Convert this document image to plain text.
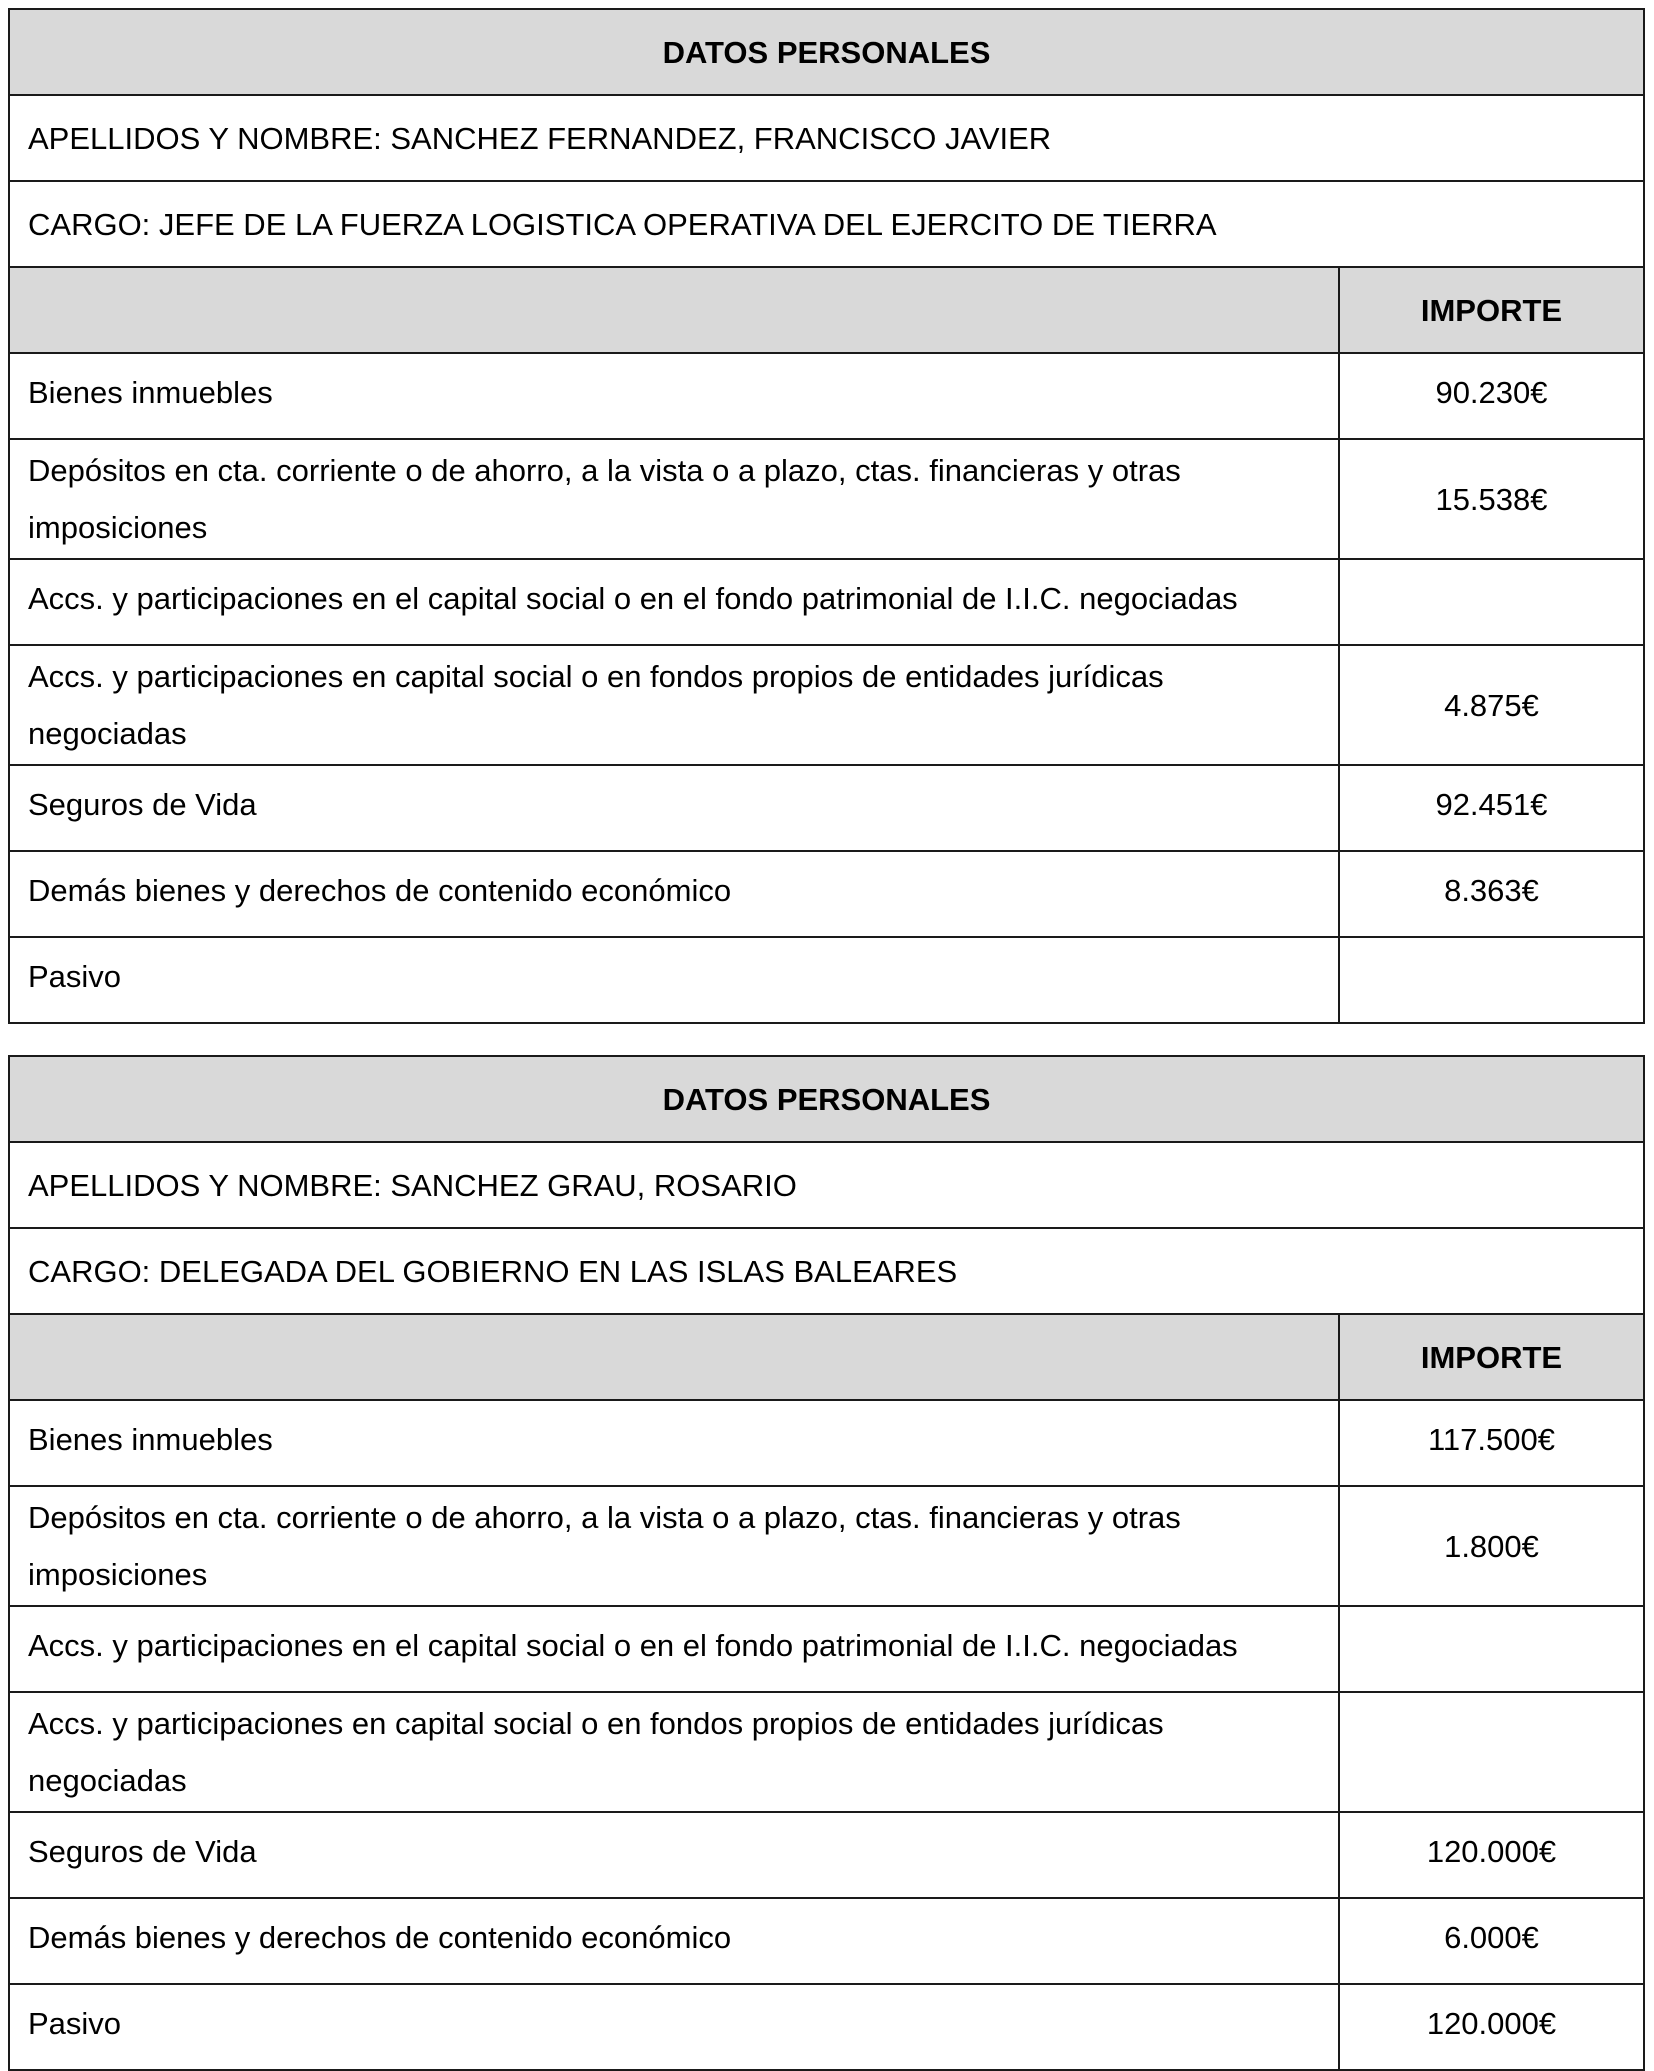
DATOS PERSONALES	
APELLIDOS Y NOMBRE: SANCHEZ FERNANDEZ, FRANCISCO JAVIER	
CARGO: JEFE DE LA FUERZA LOGISTICA OPERATIVA DEL EJERCITO DE TIERRA	
	IMPORTE
Bienes inmuebles	90.230€
Depósitos en cta. corriente o de ahorro, a la vista o a plazo, ctas. financieras y otras imposiciones	15.538€
Accs. y participaciones en el capital social o en el fondo patrimonial de I.I.C. negociadas	
Accs. y participaciones en capital social o en fondos propios de entidades jurídicas negociadas	4.875€
Seguros de Vida	92.451€
Demás bienes y derechos de contenido económico	8.363€
Pasivo	
DATOS PERSONALES	
APELLIDOS Y NOMBRE: SANCHEZ GRAU, ROSARIO	
CARGO: DELEGADA DEL GOBIERNO EN LAS ISLAS BALEARES	
	IMPORTE
Bienes inmuebles	117.500€
Depósitos en cta. corriente o de ahorro, a la vista o a plazo, ctas. financieras y otras imposiciones	1.800€
Accs. y participaciones en el capital social o en el fondo patrimonial de I.I.C. negociadas	
Accs. y participaciones en capital social o en fondos propios de entidades jurídicas negociadas	
Seguros de Vida	120.000€
Demás bienes y derechos de contenido económico	6.000€
Pasivo	120.000€
